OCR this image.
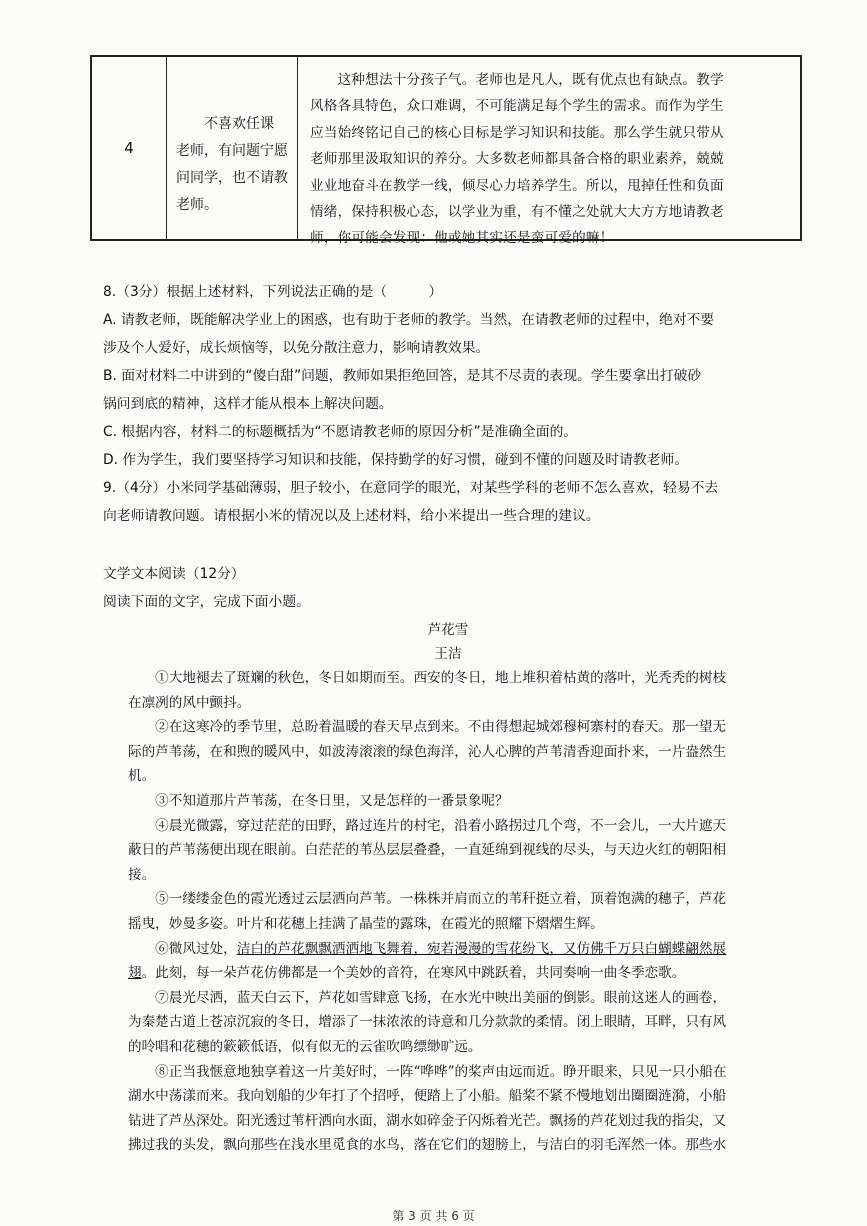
4
　　不喜欢任课
老师，有问题宁愿
问同学，也不请教
老师。
　　这种想法十分孩子气。老师也是凡人，既有优点也有缺点。教学
风格各具特色，众口难调，不可能满足每个学生的需求。而作为学生
应当始终铭记自己的核心目标是学习知识和技能。那么学生就只带从
老师那里汲取知识的养分。大多数老师都具备合格的职业素养，兢兢
业业地奋斗在教学一线，倾尽心力培养学生。所以，甩掉任性和负面
情绪，保持积极心态，以学业为重，有不懂之处就大大方方地请教老
师，你可能会发现：他或她其实还是蛮可爱的嘛！

8.（3分）根据上述材料，下列说法正确的是（　　　）

A. 请教老师，既能解决学业上的困惑，也有助于老师的教学。当然，在请教老师的过程中，绝对不要

涉及个人爱好，成长烦恼等，以免分散注意力，影响请教效果。

B. 面对材料二中讲到的“傻白甜”问题，教师如果拒绝回答，是其不尽责的表现。学生要拿出打破砂

锅问到底的精神，这样才能从根本上解决问题。

C. 根据内容，材料二的标题概括为“不愿请教老师的原因分析”是准确全面的。

D. 作为学生，我们要坚持学习知识和技能，保持勤学的好习惯，碰到不懂的问题及时请教老师。

9.（4分）小米同学基础薄弱，胆子较小，在意同学的眼光，对某些学科的老师不怎么喜欢，轻易不去

向老师请教问题。请根据小米的情况以及上述材料，给小米提出一些合理的建议。

文学文本阅读（12分）

阅读下面的文字，完成下面小题。

芦花雪
王洁

　　①大地褪去了斑斓的秋色，冬日如期而至。西安的冬日，地上堆积着枯黄的落叶，光秃秃的树枝

在凛冽的风中颤抖。

　　②在这寒冷的季节里，总盼着温暖的春天早点到来。不由得想起城郊穆柯寨村的春天。那一望无

际的芦苇荡，在和煦的暖风中，如波涛滚滚的绿色海洋，沁人心脾的芦苇清香迎面扑来，一片盎然生

机。

　　③不知道那片芦苇荡，在冬日里，又是怎样的一番景象呢？

　　④晨光微露，穿过茫茫的田野，路过连片的村宅，沿着小路拐过几个弯，不一会儿，一大片遮天

蔽日的芦苇荡便出现在眼前。白茫茫的苇丛层层叠叠，一直延绵到视线的尽头，与天边火红的朝阳相

接。

　　⑤一缕缕金色的霞光透过云层洒向芦苇。一株株并肩而立的苇秆挺立着，顶着饱满的穗子，芦花

摇曳，妙曼多姿。叶片和花穗上挂满了晶莹的露珠，在霞光的照耀下熠熠生辉。

　　⑥微风过处，洁白的芦花飘飘洒洒地飞舞着，宛若漫漫的雪花纷飞，又仿佛千万只白蝴蝶翩然展

翅。此刻，每一朵芦花仿佛都是一个美妙的音符，在寒风中跳跃着，共同奏响一曲冬季恋歌。

　　⑦晨光尽洒，蓝天白云下，芦花如雪肆意飞扬，在水光中映出美丽的倒影。眼前这迷人的画卷，

为秦楚古道上苍凉沉寂的冬日，增添了一抹浓浓的诗意和几分款款的柔情。闭上眼睛，耳畔，只有风

的呤唱和花穗的簌簌低语，似有似无的云雀吹鸣缥缈旷远。

　　⑧正当我惬意地独享着这一片美好时，一阵“哗哗”的桨声由远而近。睁开眼来，只见一只小船在

湖水中荡漾而来。我向划船的少年打了个招呼，便踏上了小船。船桨不紧不慢地划出圈圈涟漪，小船

钻进了芦丛深处。阳光透过苇杆洒向水面，湖水如碎金子闪烁着光芒。飘扬的芦花划过我的指尖，又

拂过我的头发，飘向那些在浅水里觅食的水鸟，落在它们的翅膀上，与洁白的羽毛浑然一体。那些水

第 3 页 共 6 页
